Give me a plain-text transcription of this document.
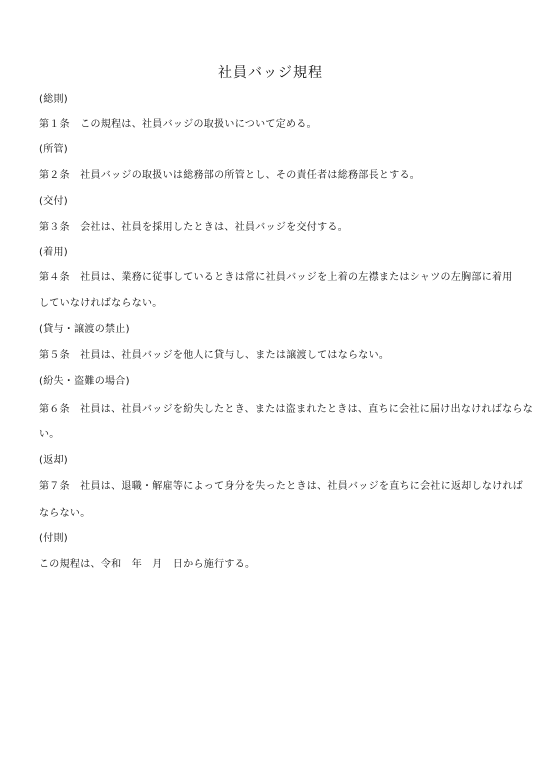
社員バッジ規程
(総則)
第１条　この規程は、社員バッジの取扱いについて定める。
(所管)
第２条　社員バッジの取扱いは総務部の所管とし、その責任者は総務部長とする。
(交付)
第３条　会社は、社員を採用したときは、社員バッジを交付する。
(着用)
第４条　社員は、業務に従事しているときは常に社員バッジを上着の左襟またはシャツの左胸部に着用
していなければならない。
(貸与・譲渡の禁止)
第５条　社員は、社員バッジを他人に貸与し、または譲渡してはならない。
(紛失・盗難の場合)
第６条　社員は、社員バッジを紛失したとき、または盗まれたときは、直ちに会社に届け出なければならな
い。
(返却)
第７条　社員は、退職・解雇等によって身分を失ったときは、社員バッジを直ちに会社に返却しなければ
ならない。
(付則)
この規程は、令和　年　月　日から施行する。
